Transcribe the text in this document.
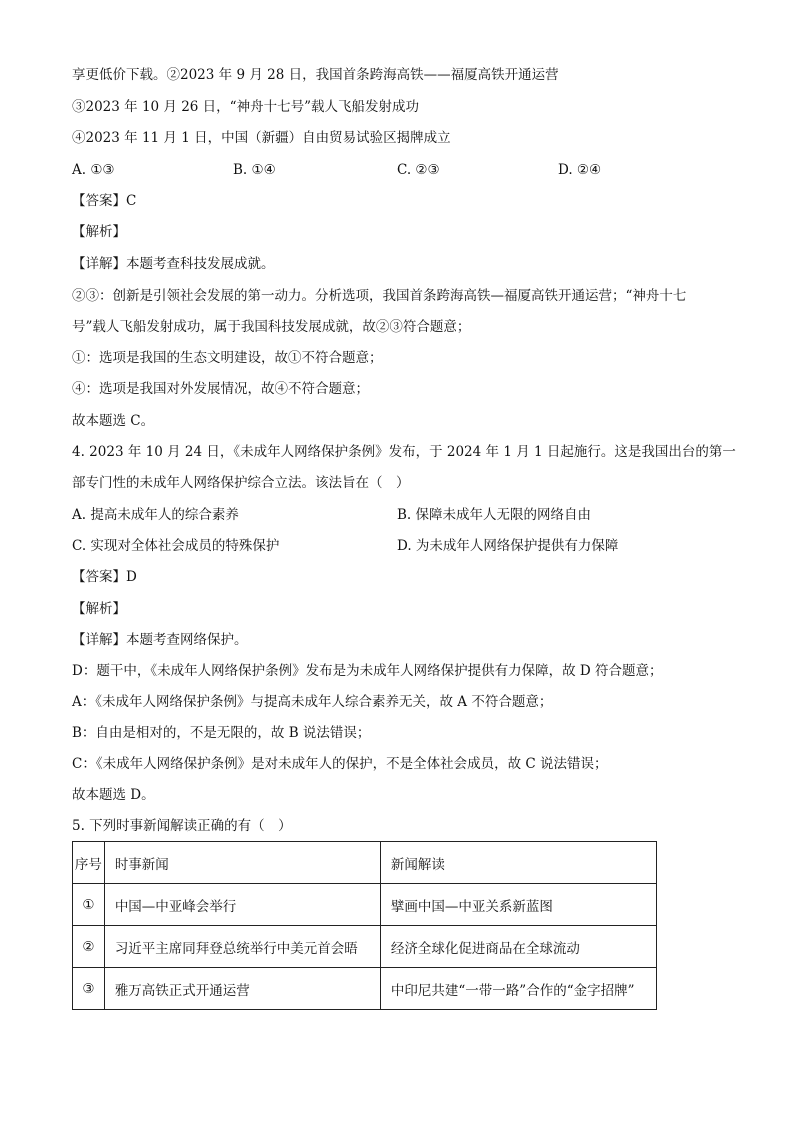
享更低价下载。②2023 年 9 月 28 日，我国首条跨海高铁——福厦高铁开通运营
③2023 年 10 月 26 日，“神舟十七号”载人飞船发射成功
④2023 年 11 月 1 日，中国（新疆）自由贸易试验区揭牌成立
A. ①③	B. ①④	C. ②③	D. ②④
【答案】C
【解析】
【详解】本题考查科技发展成就。
②③：创新是引领社会发展的第一动力。分析选项，我国首条跨海高铁—福厦高铁开通运营；“神舟十七
号”载人飞船发射成功，属于我国科技发展成就，故②③符合题意；
①：选项是我国的生态文明建设，故①不符合题意；
④：选项是我国对外发展情况，故④不符合题意；
故本题选 C。
4. 2023 年 10 月 24 日，《未成年人网络保护条例》发布，于 2024 年 1 月 1 日起施行。这是我国出台的第一
部专门性的未成年人网络保护综合立法。该法旨在（　）
A. 提高未成年人的综合素养	B. 保障未成年人无限的网络自由
C. 实现对全体社会成员的特殊保护	D. 为未成年人网络保护提供有力保障
【答案】D
【解析】
【详解】本题考查网络保护。
D：题干中，《未成年人网络保护条例》发布是为未成年人网络保护提供有力保障，故 D 符合题意；
A：《未成年人网络保护条例》与提高未成年人综合素养无关，故 A 不符合题意；
B：自由是相对的，不是无限的，故 B 说法错误；
C：《未成年人网络保护条例》是对未成年人的保护，不是全体社会成员，故 C 说法错误；
故本题选 D。
5. 下列时事新闻解读正确的有（　）
序号	时事新闻	新闻解读
①	中国—中亚峰会举行	擘画中国—中亚关系新蓝图
②	习近平主席同拜登总统举行中美元首会晤	经济全球化促进商品在全球流动
③	雅万高铁正式开通运营	中印尼共建“一带一路”合作的“金字招牌”
